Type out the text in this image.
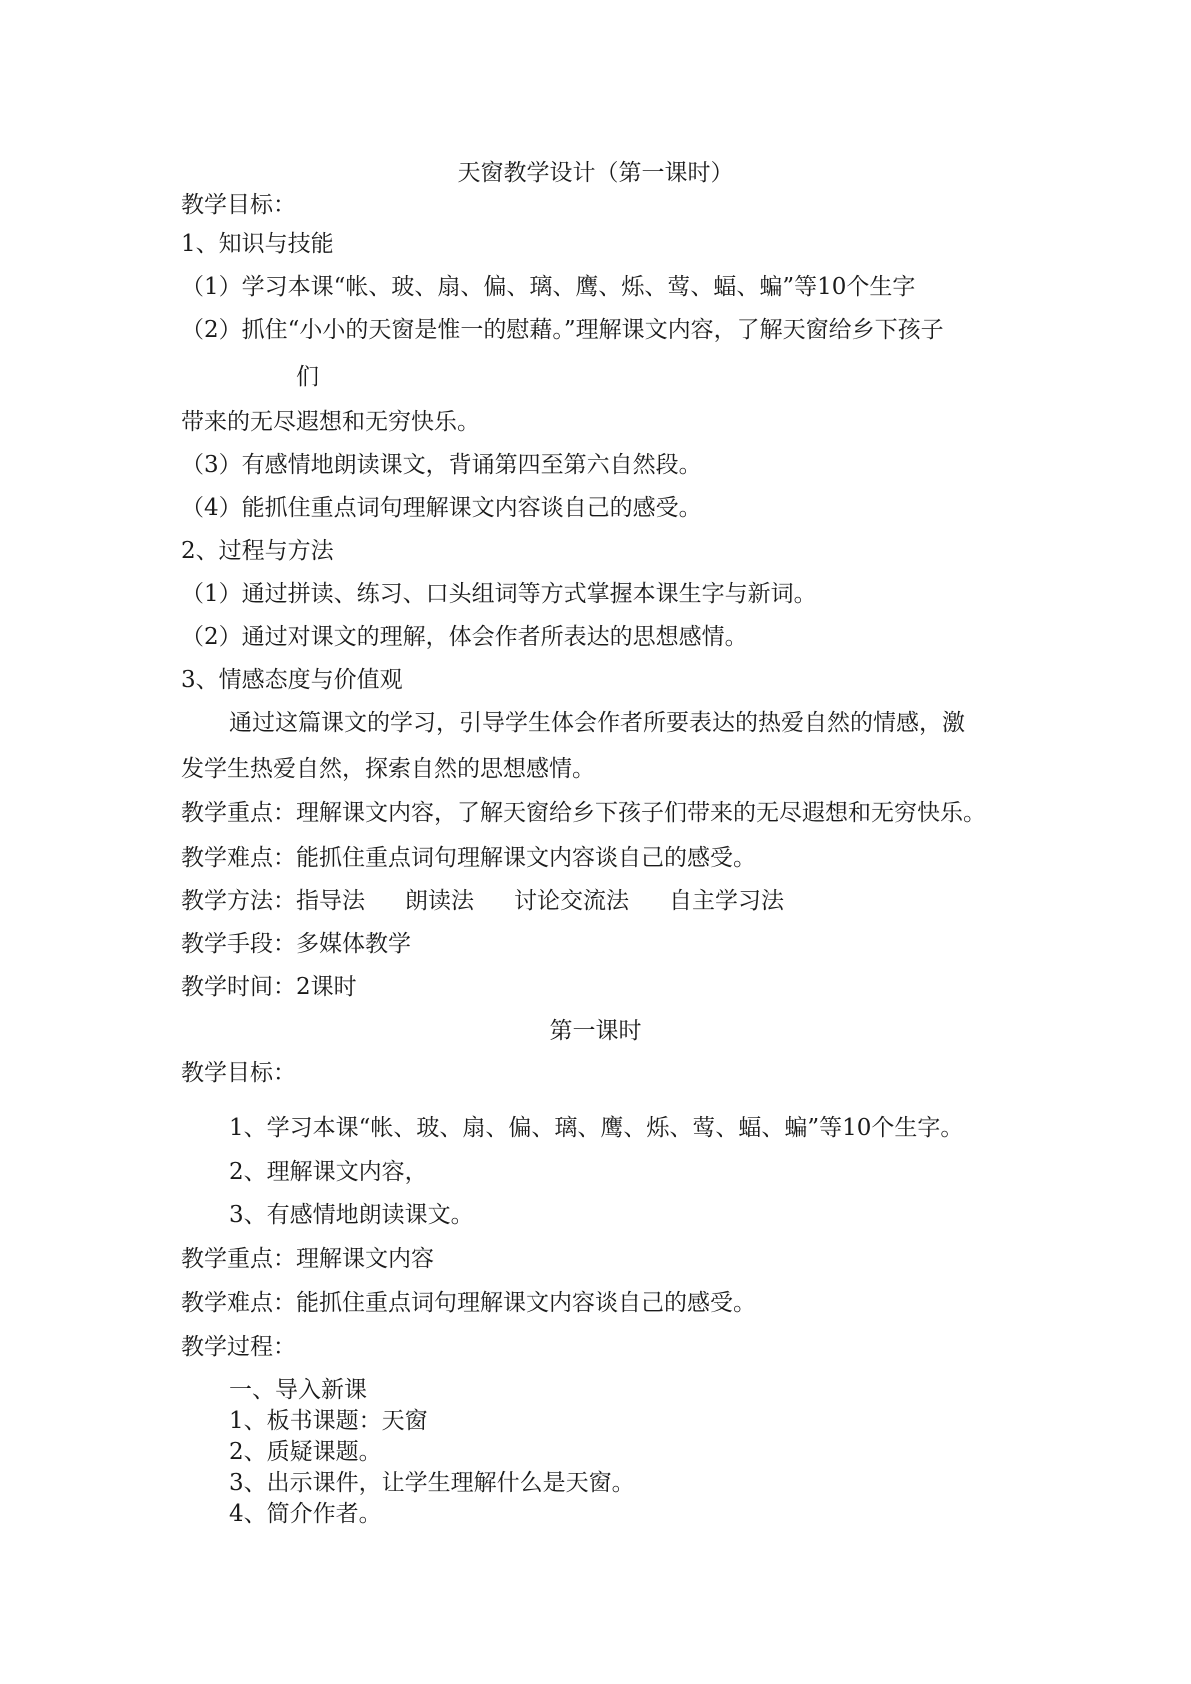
天窗教学设计（第一课时）
教学目标：
1、知识与技能
（1）学习本课“帐、玻、扇、偏、璃、鹰、烁、莺、蝠、蝙”等10个生字
（2）抓住“小小的天窗是惟一的慰藉。”理解课文内容，了解天窗给乡下孩子
们
带来的无尽遐想和无穷快乐。
（3）有感情地朗读课文，背诵第四至第六自然段。
（4）能抓住重点词句理解课文内容谈自己的感受。
2、过程与方法
（1）通过拼读、练习、口头组词等方式掌握本课生字与新词。
（2）通过对课文的理解，体会作者所表达的思想感情。
3、情感态度与价值观
通过这篇课文的学习，引导学生体会作者所要表达的热爱自然的情感，激
发学生热爱自然，探索自然的思想感情。
教学重点：理解课文内容，了解天窗给乡下孩子们带来的无尽遐想和无穷快乐。
教学难点：能抓住重点词句理解课文内容谈自己的感受。
教学方法：指导法 朗读法 讨论交流法 自主学习法
教学手段：多媒体教学
教学时间：2课时
第一课时
教学目标：
1、学习本课“帐、玻、扇、偏、璃、鹰、烁、莺、蝠、蝙”等10个生字。
2、理解课文内容，
3、有感情地朗读课文。
教学重点：理解课文内容
教学难点：能抓住重点词句理解课文内容谈自己的感受。
教学过程：
一、导入新课
1、板书课题：天窗
2、质疑课题。
3、出示课件，让学生理解什么是天窗。
4、简介作者。
